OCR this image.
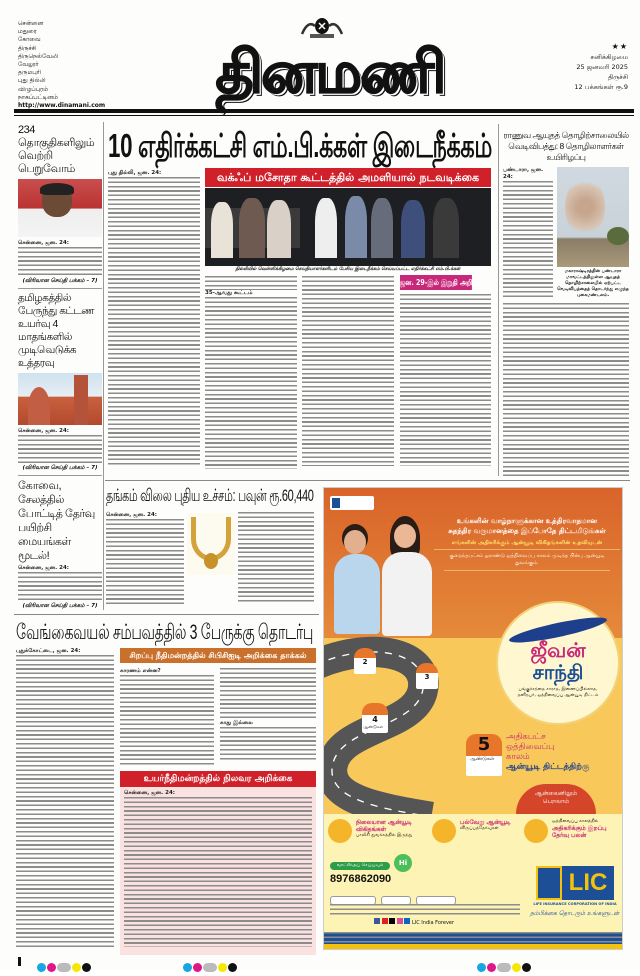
சென்னை
மதுரை
கோவை
திருச்சி
திருநெல்வேலி
வேலூர்
தருமபுரி
புது தில்லி
விழுப்புரம்
நாகப்பட்டினம்
http://www.dinamani.com	தினமணி	★★
சனிக்கிழமை
25 ஜனவரி 2025
திருச்சி
12 பக்கங்கள் ரூ.9
234 தொகுதிகளிலும் வெற்றி பெறுவோம்
சென்னை, ஜன. 24:
(விரிவான செய்தி பக்கம் – 7)
தமிழகத்தில் பேருந்து கட்டண உயர்வு 4 மாதங்களில் முடிவெடுக்க உத்தரவு
சென்னை, ஜன. 24:
(விரிவான செய்தி பக்கம் – 7)
கோவை, சேலத்தில் போட்டித் தேர்வு பயிற்சி மையங்கள் மூடல்!
சென்னை, ஜன. 24:
(விரிவான செய்தி பக்கம் – 7)
10 எதிர்க்கட்சி எம்.பி.க்கள் இடைநீக்கம்
வக்ஃப் மசோதா கூட்டத்தில் அமளியால் நடவடிக்கை
தில்லியில் வெள்ளிக்கிழமை செய்தியாளர்களிடம் பேசிய இடைநீக்கம் செய்யப்பட்ட எதிர்க்கட்சி எம்.பி.க்கள்
புது தில்லி, ஜன. 24:
35-ஆவது கூட்டம்
ஜன. 29-இல் இறுதி அறிக்கை?
ராணுவ ஆயுதத் தொழிற்சாலையில் வெடிவிபத்து: 8 தொழிலாளர்கள் உயிரிழப்பு
பண்டாரா, ஜன. 24:
மகாராஷ்டிரத்தின் பண்டாரா மாவட்டத்திலுள்ள ஆயுதத் தொழிற்சாலையில் ஏற்பட்ட வெடிவிபத்தைத் தொடர்ந்து எழுந்த புகைமண்டலம்.
தங்கம் விலை புதிய உச்சம்: பவுன் ரூ.60,440
சென்னை, ஜன. 24:
வேங்கைவயல் சம்பவத்தில் 3 பேருக்கு தொடர்பு
சிறப்பு நீதிமன்றத்தில் சிபிசிஐடி அறிக்கை தாக்கல்
புதுக்கோட்டை, ஜன. 24:
காரணம் என்ன?
காது இல்லை
உயர்நீதிமன்றத்தில் நிலவர அறிக்கை
சென்னை, ஜன. 24:
உங்களின் வாழ்நாளுக்கான உத்திரவாதமான
சுதந்திர வருமானத்தை இப்போதே திட்டமிடுங்கள்
எங்களின் அதிகரிக்கும் ஆன்யூடி விகிதங்களின் உதவியுடன்
குறைந்தபட்சம் ஓராண்டு ஒத்திவைப்பு காலம் முடிந்த பின்பு ஆன்யூடி துவங்கும்.
2
3
4
ஆண்டுகள்
ஜீவன்
சாந்தி
பங்குச்சந்தை சாராத, இணைப்பில்லாத, தனிநபர், ஒத்திவைப்பு ஆன்யூடி திட்டம்
5
ஆண்டுகள்
அதிகபட்ச
ஒத்திவைப்பு
காலம்
ஆன்யூடி திட்டத்திற்கு
ஆன்லைனிலும் பெறலாம்
நிலையான ஆன்யூடி விகிதங்கள்
பாலிசி துவக்கத்தில் இருந்து
பல்வேறு ஆன்யூடி
விருப்பத்தேர்வுகள்
ஒத்திவைப்பு காலத்தில்
அதிகரிக்கும் இறப்பு தேர்வு பலன்
வாட்ஸ்அப் செய்யவும்	Hi
8976862090

LIC India Forever
LIC
LIFE INSURANCE CORPORATION OF INDIA
நம்பிக்கை தொடரும் உங்களுடன்
